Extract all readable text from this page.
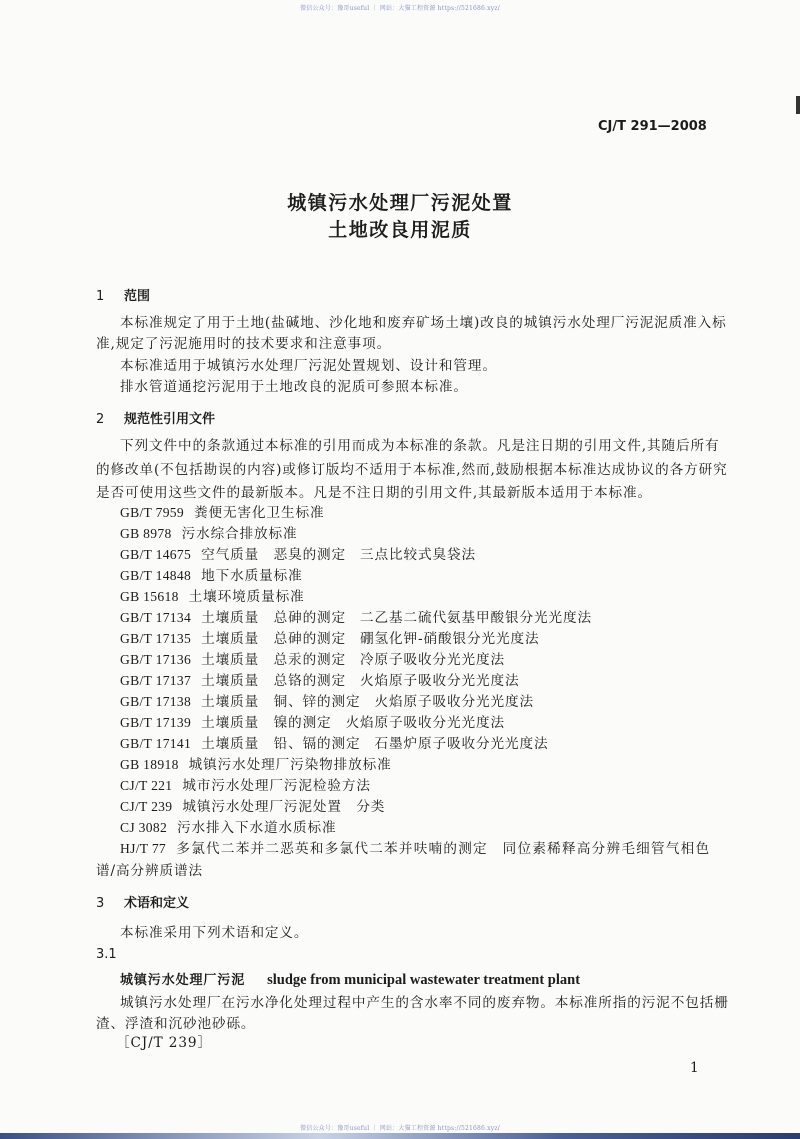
微信公众号：豫哥useful ｜ 网站：大猫工程资源 https://521686.xyz/
CJ/T 291—2008
城镇污水处理厂污泥处置
土地改良用泥质
1 范围
本标准规定了用于土地(盐碱地、沙化地和废弃矿场土壤)改良的城镇污水处理厂污泥泥质准入标
准,规定了污泥施用时的技术要求和注意事项。
本标准适用于城镇污水处理厂污泥处置规划、设计和管理。
排水管道通挖污泥用于土地改良的泥质可参照本标准。
2 规范性引用文件
下列文件中的条款通过本标准的引用而成为本标准的条款。凡是注日期的引用文件,其随后所有
的修改单(不包括勘误的内容)或修订版均不适用于本标准,然而,鼓励根据本标准达成协议的各方研究
是否可使用这些文件的最新版本。凡是不注日期的引用文件,其最新版本适用于本标准。
GB/T 7959 粪便无害化卫生标准
GB 8978 污水综合排放标准
GB/T 14675 空气质量　恶臭的测定 三点比较式臭袋法
GB/T 14848 地下水质量标准
GB 15618 土壤环境质量标准
GB/T 17134 土壤质量　总砷的测定 二乙基二硫代氨基甲酸银分光光度法
GB/T 17135 土壤质量　总砷的测定 硼氢化钾-硝酸银分光光度法
GB/T 17136 土壤质量　总汞的测定 冷原子吸收分光光度法
GB/T 17137 土壤质量　总铬的测定 火焰原子吸收分光光度法
GB/T 17138 土壤质量　铜、锌的测定 火焰原子吸收分光光度法
GB/T 17139 土壤质量　镍的测定 火焰原子吸收分光光度法
GB/T 17141 土壤质量　铅、镉的测定 石墨炉原子吸收分光光度法
GB 18918 城镇污水处理厂污染物排放标准
CJ/T 221 城市污水处理厂污泥检验方法
CJ/T 239 城镇污水处理厂污泥处置　分类
CJ 3082 污水排入下水道水质标准
HJ/T 77 多氯代二苯并二恶英和多氯代二苯并呋喃的测定　同位素稀释高分辨毛细管气相色
谱/高分辨质谱法
3 术语和定义
本标准采用下列术语和定义。
3.1
城镇污水处理厂污泥 sludge from municipal wastewater treatment plant
城镇污水处理厂在污水净化处理过程中产生的含水率不同的废弃物。本标准所指的污泥不包括栅
渣、浮渣和沉砂池砂砾。
［CJ/T 239］
1
微信公众号：豫哥useful ｜ 网站：大猫工程资源 https://521686.xyz/
